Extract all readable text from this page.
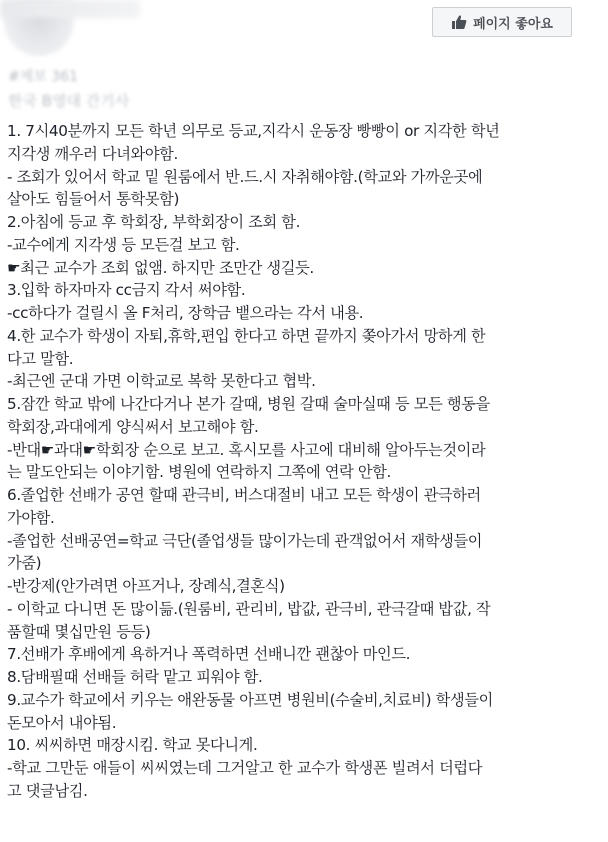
#제보 361
한국 B영대 간기사
페이지 좋아요
1. 7시40분까지 모든 학년 의무로 등교,지각시 운동장 빵빵이 or 지각한 학년
지각생 깨우러 다녀와야함.
- 조회가 있어서 학교 밑 원룸에서 반.드.시 자취해야함.(학교와 가까운곳에
살아도 힘들어서 통학못함)
2.아침에 등교 후 학회장, 부학회장이 조회 함.
-교수에게 지각생 등 모든걸 보고 함.
☛최근 교수가 조회 없앰. 하지만 조만간 생길듯.
3.입학 하자마자 cc금지 각서 써야함.
-cc하다가 걸릴시 올 F처리, 장학금 뱉으라는 각서 내용.
4.한 교수가 학생이 자퇴,휴학,편입 한다고 하면 끝까지 쫒아가서 망하게 한
다고 말함.
-최근엔 군대 가면 이학교로 복학 못한다고 협박.
5.잠깐 학교 밖에 나간다거나 본가 갈때, 병원 갈때 술마실때 등 모든 행동을
학회장,과대에게 양식써서 보고해야 함.
-반대☛과대☛학회장 순으로 보고. 혹시모를 사고에 대비해 알아두는것이라
는 말도안되는 이야기함. 병원에 연락하지 그쪽에 연락 안함.
6.졸업한 선배가 공연 할때 관극비, 버스대절비 내고 모든 학생이 관극하러
가야함.
-졸업한 선배공연=학교 극단(졸업생들 많이가는데 관객없어서 재학생들이
가줌)
-반강제(안가려면 아프거나, 장례식,결혼식)
- 이학교 다니면 돈 많이듦.(원룸비, 관리비, 밥값, 관극비, 관극갈때 밥값, 작
품할때 몇십만원 등등)
7.선배가 후배에게 욕하거나 폭력하면 선배니깐 괜찮아 마인드.
8.담배필때 선배들 허락 맡고 피워야 함.
9.교수가 학교에서 키우는 애완동물 아프면 병원비(수술비,치료비) 학생들이
돈모아서 내야됨.
10. 씨씨하면 매장시킴. 학교 못다니게.
-학교 그만둔 애들이 씨씨였는데 그거알고 한 교수가 학생폰 빌려서 더럽다
고 댓글남김.
